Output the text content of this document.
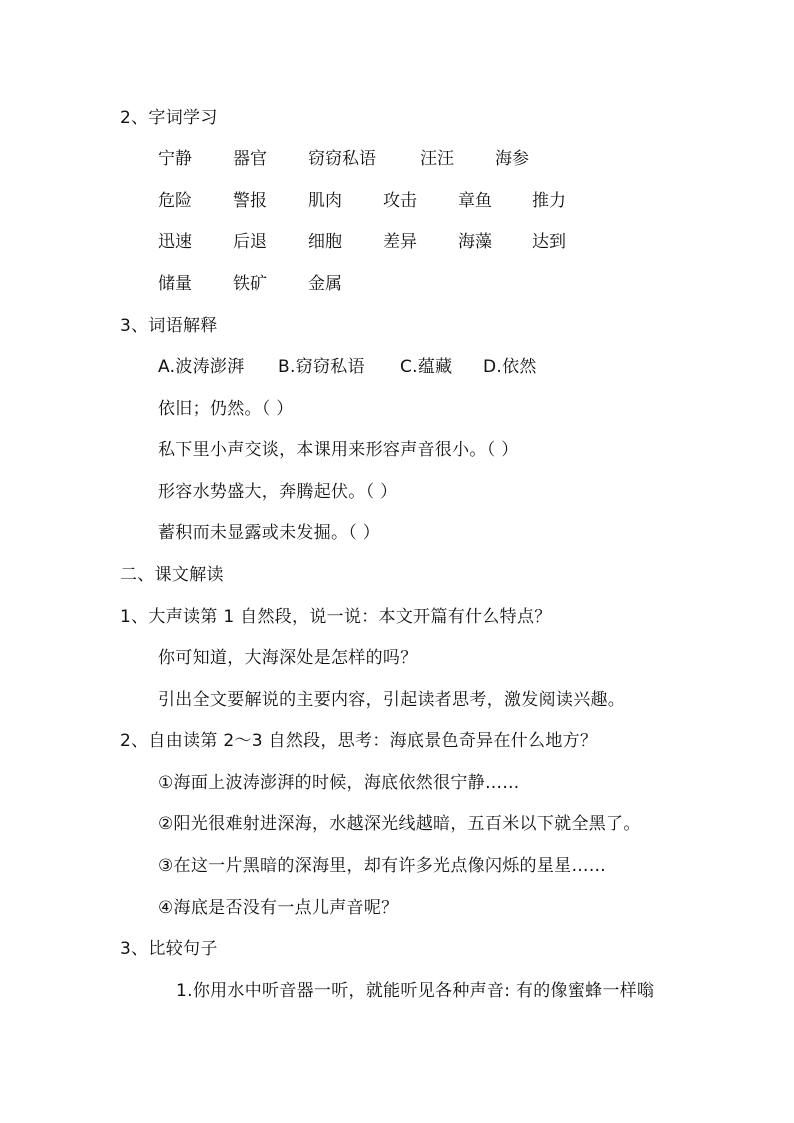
2、字词学习
宁静 器官 窃窃私语	汪汪 海参
危险 警报 肌肉 攻击 章鱼 推力
迅速 后退 细胞 差异 海藻 达到
储量 铁矿 金属
3、词语解释
A.波涛澎湃 B.窃窃私语 C.蕴藏 D.依然
依旧；仍然。（ ）
私下里小声交谈，本课用来形容声音很小。（ ）
形容水势盛大，奔腾起伏。（ ）
蓄积而未显露或未发掘。（ ）
二、课文解读
1、大声读第 1 自然段，说一说：本文开篇有什么特点？
你可知道，大海深处是怎样的吗？
引出全文要解说的主要内容，引起读者思考，激发阅读兴趣。
2、自由读第 2～3 自然段，思考：海底景色奇异在什么地方？
①海面上波涛澎湃的时候，海底依然很宁静……
②阳光很难射进深海，水越深光线越暗，五百米以下就全黑了。
③在这一片黑暗的深海里，却有许多光点像闪烁的星星……
④海底是否没有一点儿声音呢？
3、比较句子
1.你用水中听音器一听，就能听见各种声音: 有的像蜜蜂一样嗡
